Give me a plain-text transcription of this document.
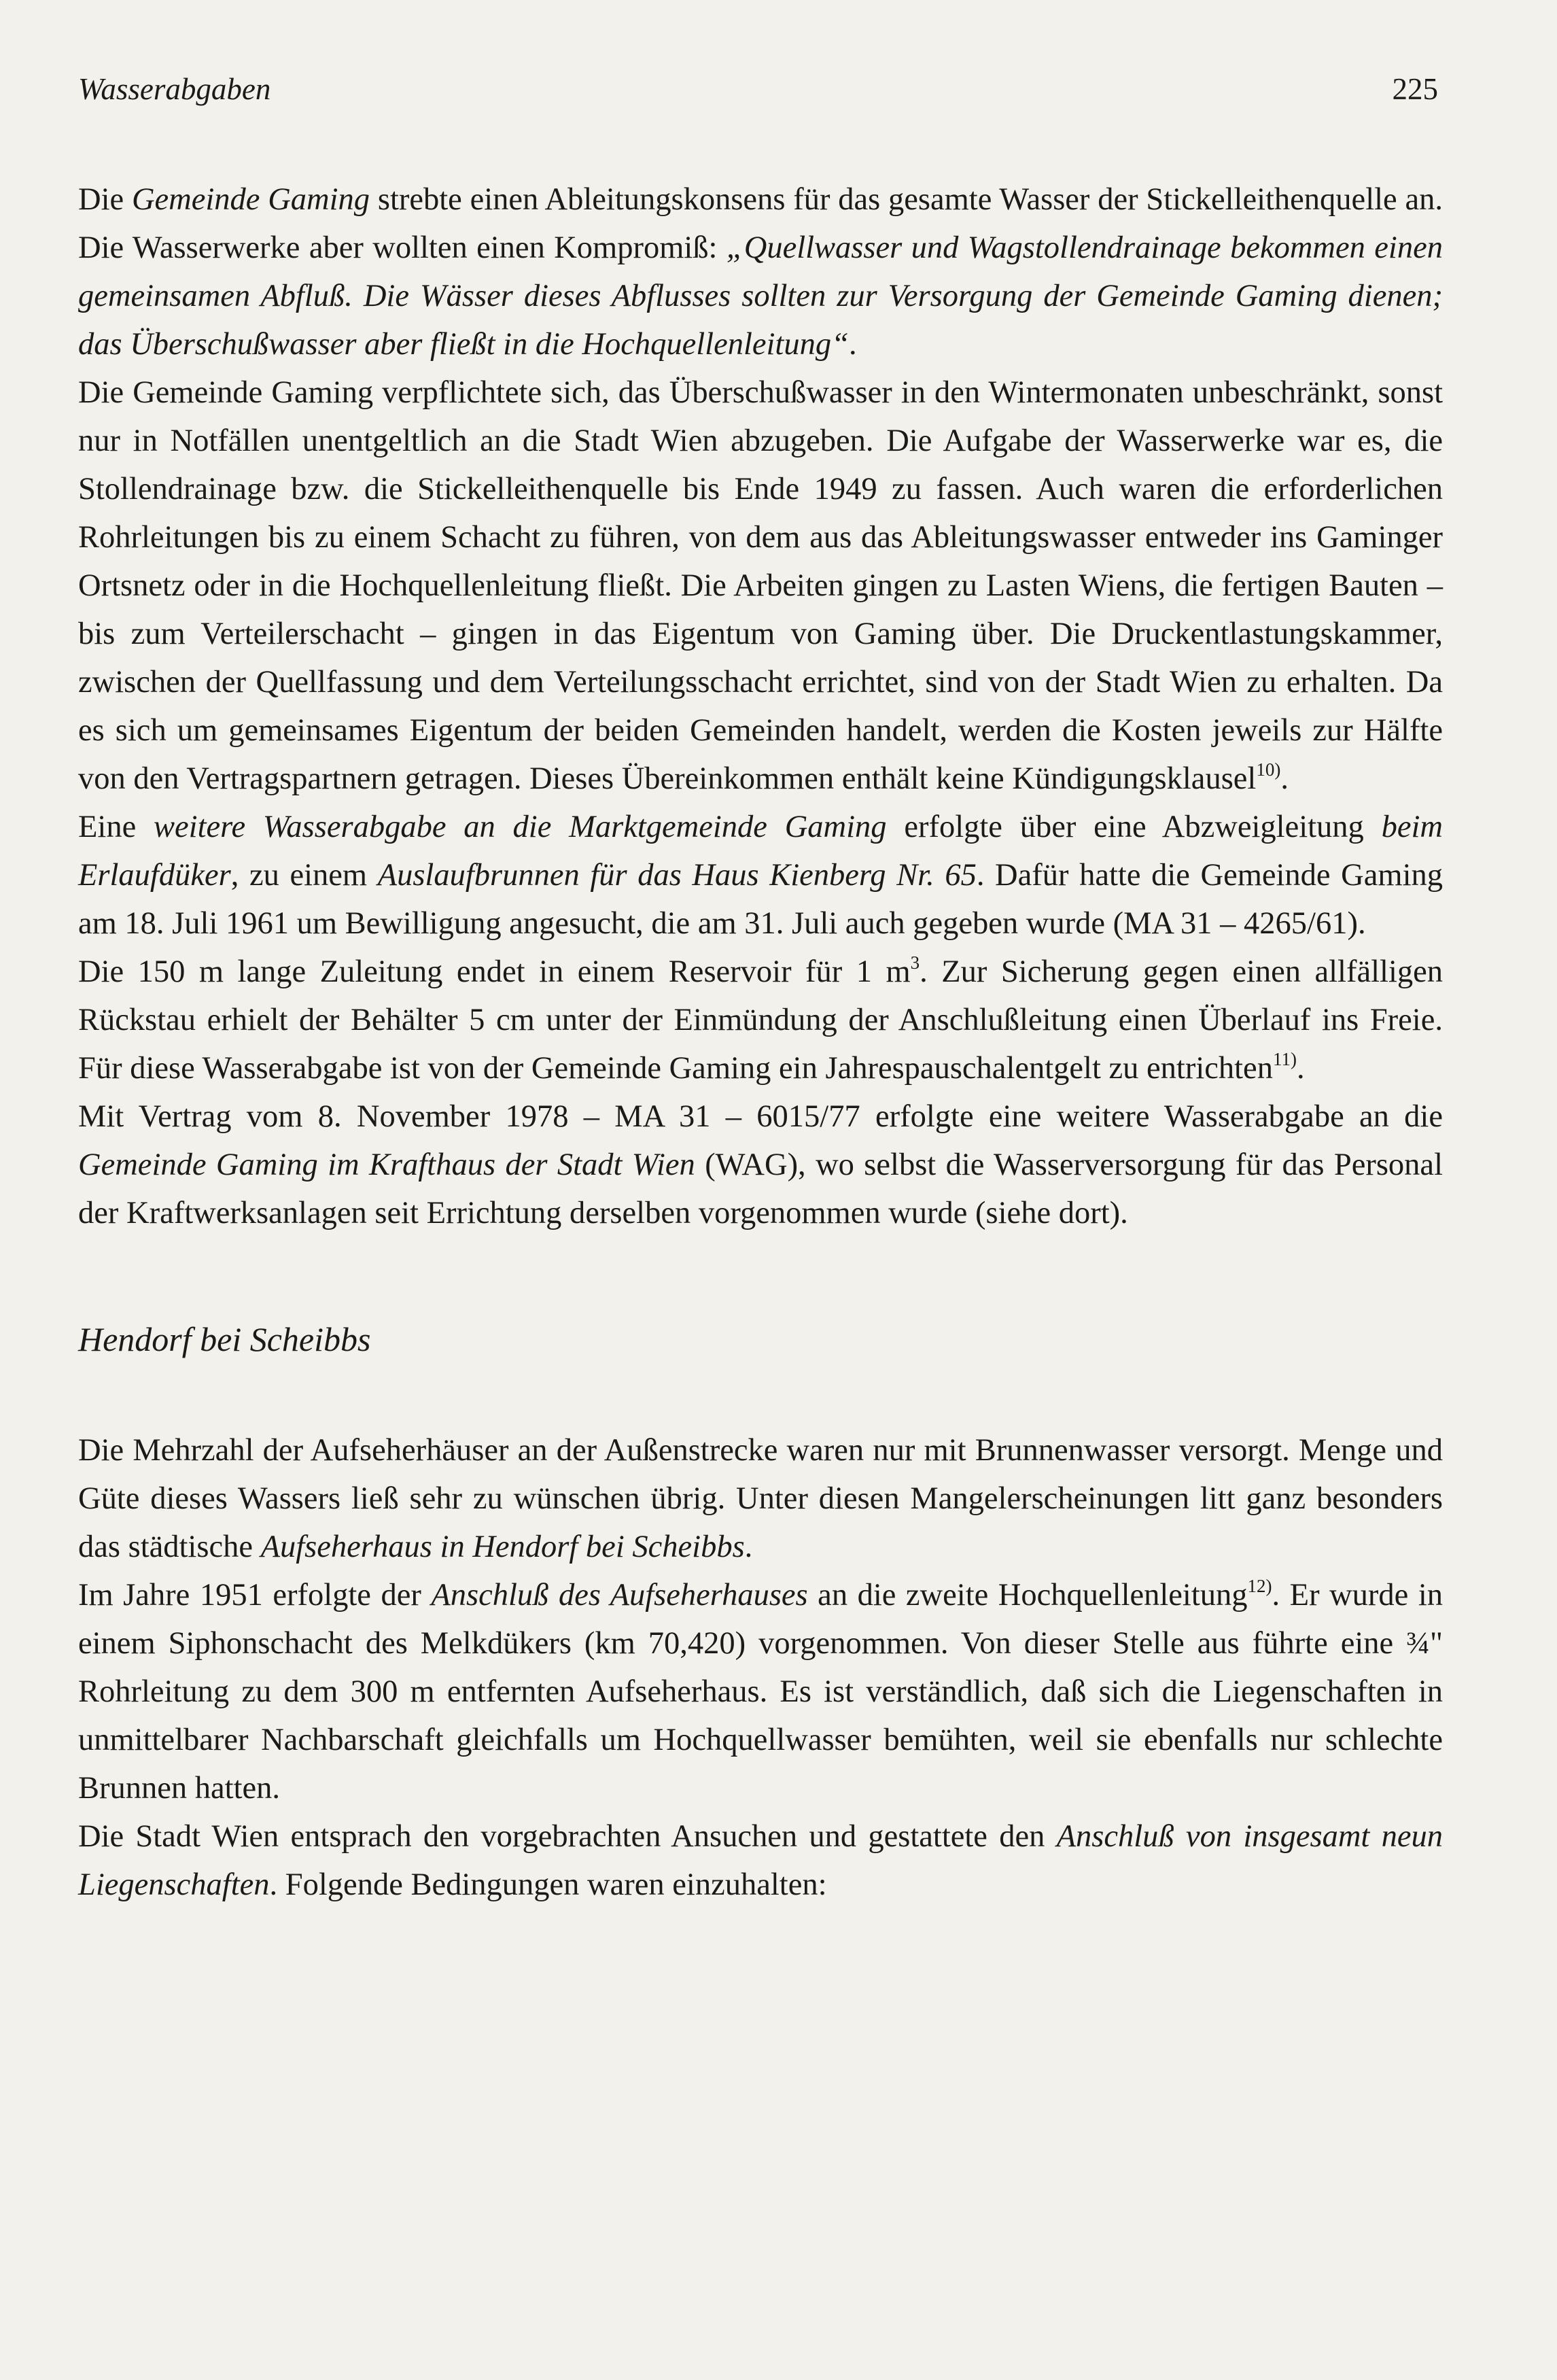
Wasserabgaben	225

Die Gemeinde Gaming strebte einen Ableitungskonsens für das gesamte Wasser der Stickelleithenquelle an. Die Wasserwerke aber wollten einen Kompromiß: „Quellwasser und Wagstollendrainage bekommen einen gemeinsamen Abfluß. Die Wässer dieses Abflusses sollten zur Versorgung der Gemeinde Gaming dienen; das Überschußwasser aber fließt in die Hochquellenleitung“.

Die Gemeinde Gaming verpflichtete sich, das Überschußwasser in den Wintermonaten unbeschränkt, sonst nur in Notfällen unentgeltlich an die Stadt Wien abzugeben. Die Aufgabe der Wasserwerke war es, die Stollendrainage bzw. die Stickelleithenquelle bis Ende 1949 zu fassen. Auch waren die erforderlichen Rohrleitungen bis zu einem Schacht zu führen, von dem aus das Ableitungswasser entweder ins Gaminger Ortsnetz oder in die Hochquellenleitung fließt. Die Arbeiten gingen zu Lasten Wiens, die fertigen Bauten – bis zum Verteilerschacht – gingen in das Eigentum von Gaming über. Die Druckentlastungskammer, zwischen der Quellfassung und dem Verteilungsschacht errichtet, sind von der Stadt Wien zu erhalten. Da es sich um gemeinsames Eigentum der beiden Gemeinden handelt, werden die Kosten jeweils zur Hälfte von den Vertragspartnern getragen. Dieses Übereinkommen enthält keine Kündigungsklausel$^{10)}$.

Eine weitere Wasserabgabe an die Marktgemeinde Gaming erfolgte über eine Abzweigleitung beim Erlaufdüker, zu einem Auslaufbrunnen für das Haus Kienberg Nr. 65. Dafür hatte die Gemeinde Gaming am 18. Juli 1961 um Bewilligung angesucht, die am 31. Juli auch gegeben wurde (MA 31 – 4265/61).

Die 150 m lange Zuleitung endet in einem Reservoir für 1 $m^3$. Zur Sicherung gegen einen allfälligen Rückstau erhielt der Behälter 5 cm unter der Einmündung der Anschlußleitung einen Überlauf ins Freie. Für diese Wasserabgabe ist von der Gemeinde Gaming ein Jahrespauschalentgelt zu entrichten$^{11)}$.

Mit Vertrag vom 8. November 1978 – MA 31 – 6015/77 erfolgte eine weitere Wasserabgabe an die Gemeinde Gaming im Krafthaus der Stadt Wien (WAG), wo selbst die Wasserversorgung für das Personal der Kraftwerksanlagen seit Errichtung derselben vorgenommen wurde (siehe dort).

Hendorf bei Scheibbs

Die Mehrzahl der Aufseherhäuser an der Außenstrecke waren nur mit Brunnenwasser versorgt. Menge und Güte dieses Wassers ließ sehr zu wünschen übrig. Unter diesen Mangelerscheinungen litt ganz besonders das städtische Aufseherhaus in Hendorf bei Scheibbs.

Im Jahre 1951 erfolgte der Anschluß des Aufseherhauses an die zweite Hochquellenleitung$^{12)}$. Er wurde in einem Siphonschacht des Melkdükers (km 70,420) vorgenommen. Von dieser Stelle aus führte eine ¾" Rohrleitung zu dem 300 m entfernten Aufseherhaus. Es ist verständlich, daß sich die Liegenschaften in unmittelbarer Nachbarschaft gleichfalls um Hochquellwasser bemühten, weil sie ebenfalls nur schlechte Brunnen hatten.

Die Stadt Wien entsprach den vorgebrachten Ansuchen und gestattete den Anschluß von insgesamt neun Liegenschaften. Folgende Bedingungen waren einzuhalten:
